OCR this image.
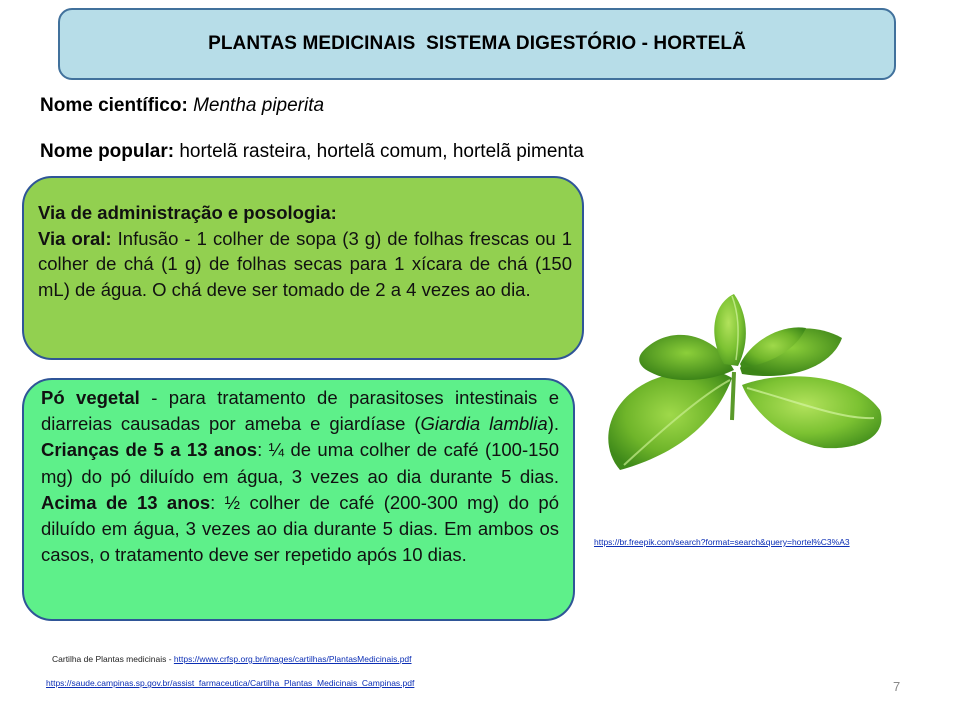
PLANTAS MEDICINAIS  SISTEMA DIGESTÓRIO - HORTELÃ
Nome científico: Mentha piperita
Nome popular: hortelã rasteira, hortelã comum, hortelã pimenta

Via de administração e posologia:

Via oral: Infusão - 1 colher de sopa (3 g) de folhas frescas ou 1 colher de chá (1 g) de folhas secas para 1 xícara de chá (150 mL) de água. O chá deve ser tomado de 2 a 4 vezes ao dia.

Pó vegetal - para tratamento de parasitoses intestinais e diarreias causadas por ameba e giardíase (Giardia lamblia). Crianças de 5 a 13 anos: ¼ de uma colher de café (100-150 mg) do pó diluído em água, 3 vezes ao dia durante 5 dias. Acima de 13 anos: ½ colher de café (200-300 mg) do pó diluído em água, 3 vezes ao dia durante 5 dias. Em ambos os casos, o tratamento deve ser repetido após 10 dias.

https://br.freepik.com/search?format=search&query=hortel%C3%A3
Cartilha de Plantas medicinais - https://www.crfsp.org.br/images/cartilhas/PlantasMedicinais.pdf
https://saude.campinas.sp.gov.br/assist_farmaceutica/Cartilha_Plantas_Medicinais_Campinas.pdf	7
